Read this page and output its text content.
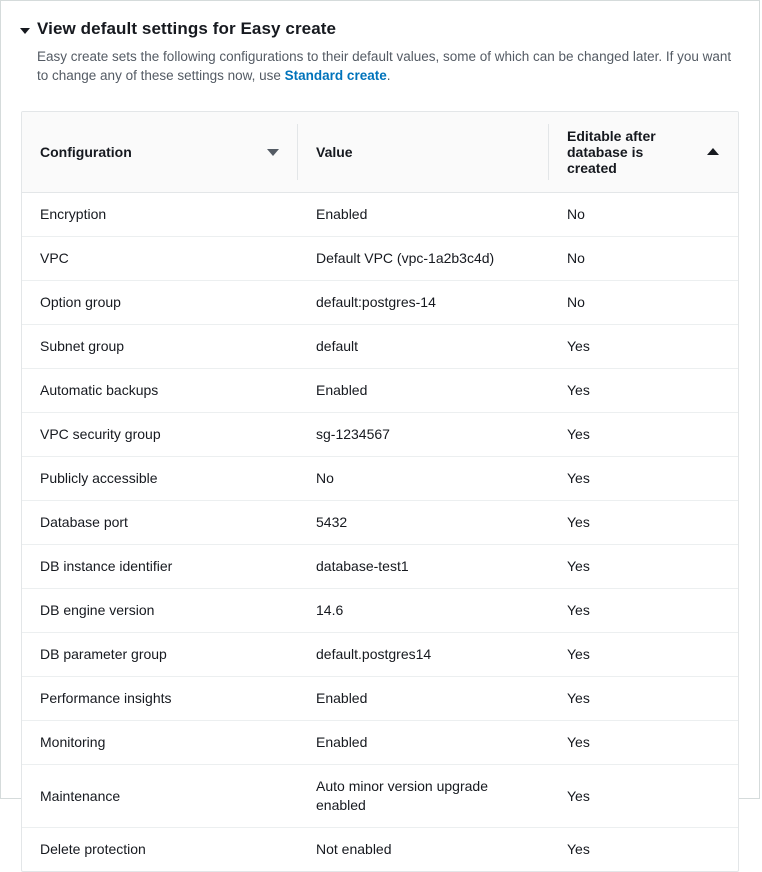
View default settings for Easy create
Easy create sets the following configurations to their default values, some of which can be changed later. If you want to change any of these settings now, use Standard create.
Configuration	Value	Editable after database is created

Encryption	Enabled	No
VPC	Default VPC (vpc-1a2b3c4d)	No
Option group	default:postgres-14	No
Subnet group	default	Yes
Automatic backups	Enabled	Yes
VPC security group	sg-1234567	Yes
Publicly accessible	No	Yes
Database port	5432	Yes
DB instance identifier	database-test1	Yes
DB engine version	14.6	Yes
DB parameter group	default.postgres14	Yes
Performance insights	Enabled	Yes
Monitoring	Enabled	Yes
Maintenance	Auto minor version upgrade enabled	Yes
Delete protection	Not enabled	Yes
